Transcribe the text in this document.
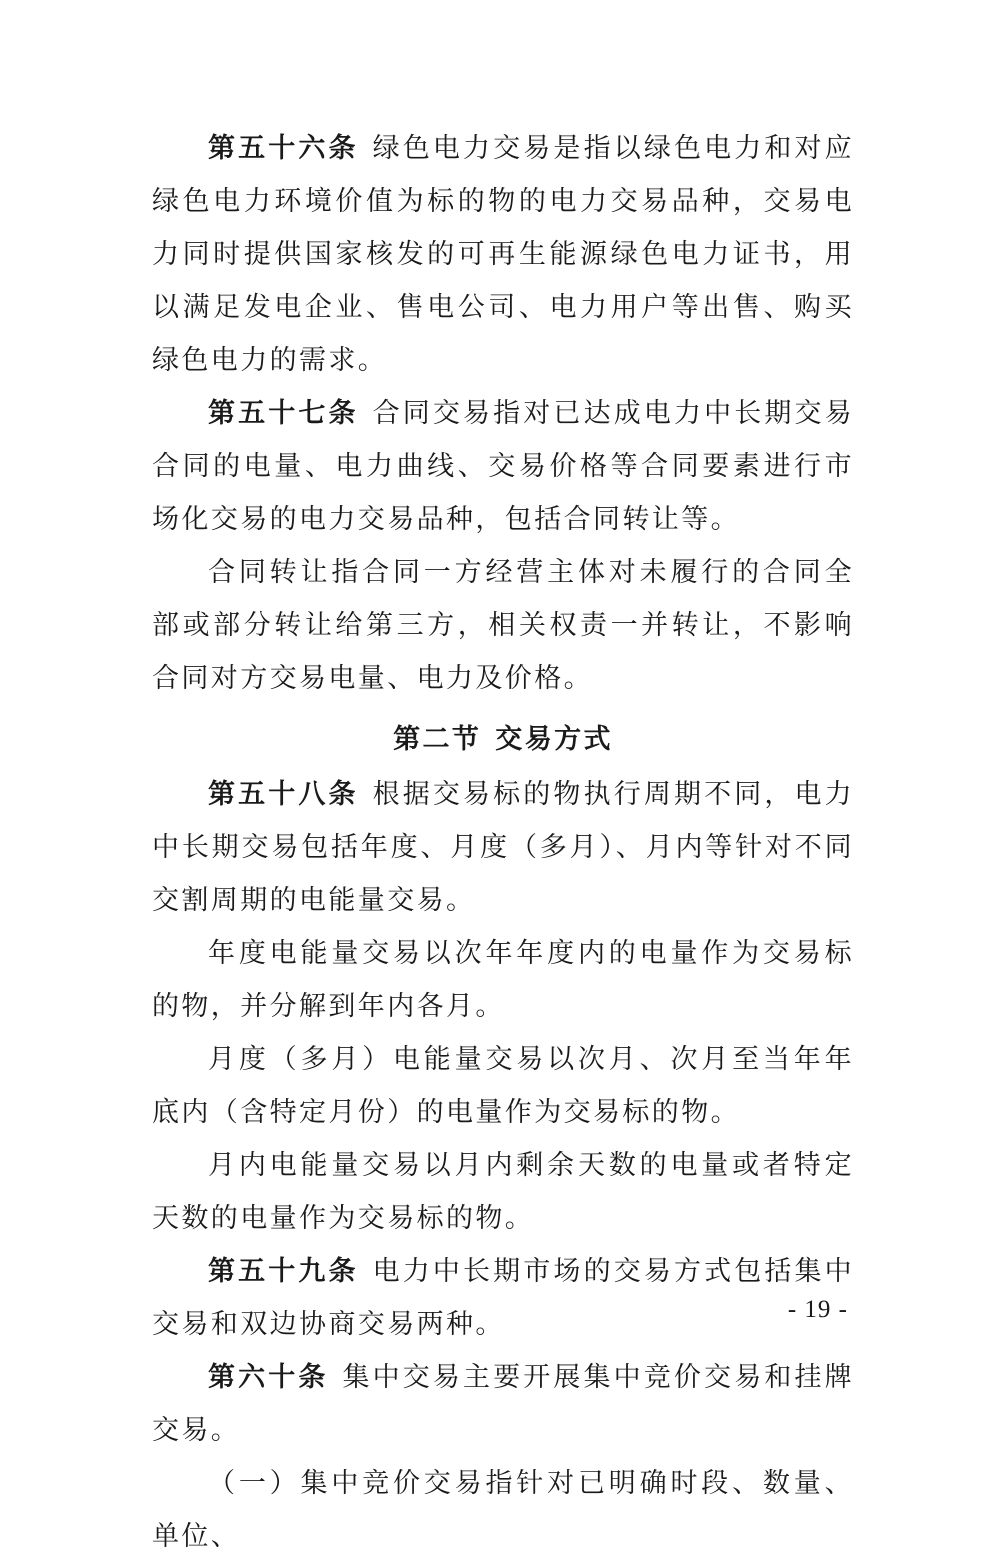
第五十六条 绿色电力交易是指以绿色电力和对应绿色电力环境价值为标的物的电力交易品种，交易电力同时提供国家核发的可再生能源绿色电力证书，用以满足发电企业、售电公司、电力用户等出售、购买绿色电力的需求。

第五十七条 合同交易指对已达成电力中长期交易合同的电量、电力曲线、交易价格等合同要素进行市场化交易的电力交易品种，包括合同转让等。

合同转让指合同一方经营主体对未履行的合同全部或部分转让给第三方，相关权责一并转让，不影响合同对方交易电量、电力及价格。

第二节 交易方式

第五十八条 根据交易标的物执行周期不同，电力中长期交易包括年度、月度（多月）、月内等针对不同交割周期的电能量交易。

年度电能量交易以次年年度内的电量作为交易标的物，并分解到年内各月。

月度（多月）电能量交易以次月、次月至当年年底内（含特定月份）的电量作为交易标的物。

月内电能量交易以月内剩余天数的电量或者特定天数的电量作为交易标的物。

第五十九条 电力中长期市场的交易方式包括集中交易和双边协商交易两种。

第六十条 集中交易主要开展集中竞价交易和挂牌交易。

（一）集中竞价交易指针对已明确时段、数量、单位、

- 19 -
